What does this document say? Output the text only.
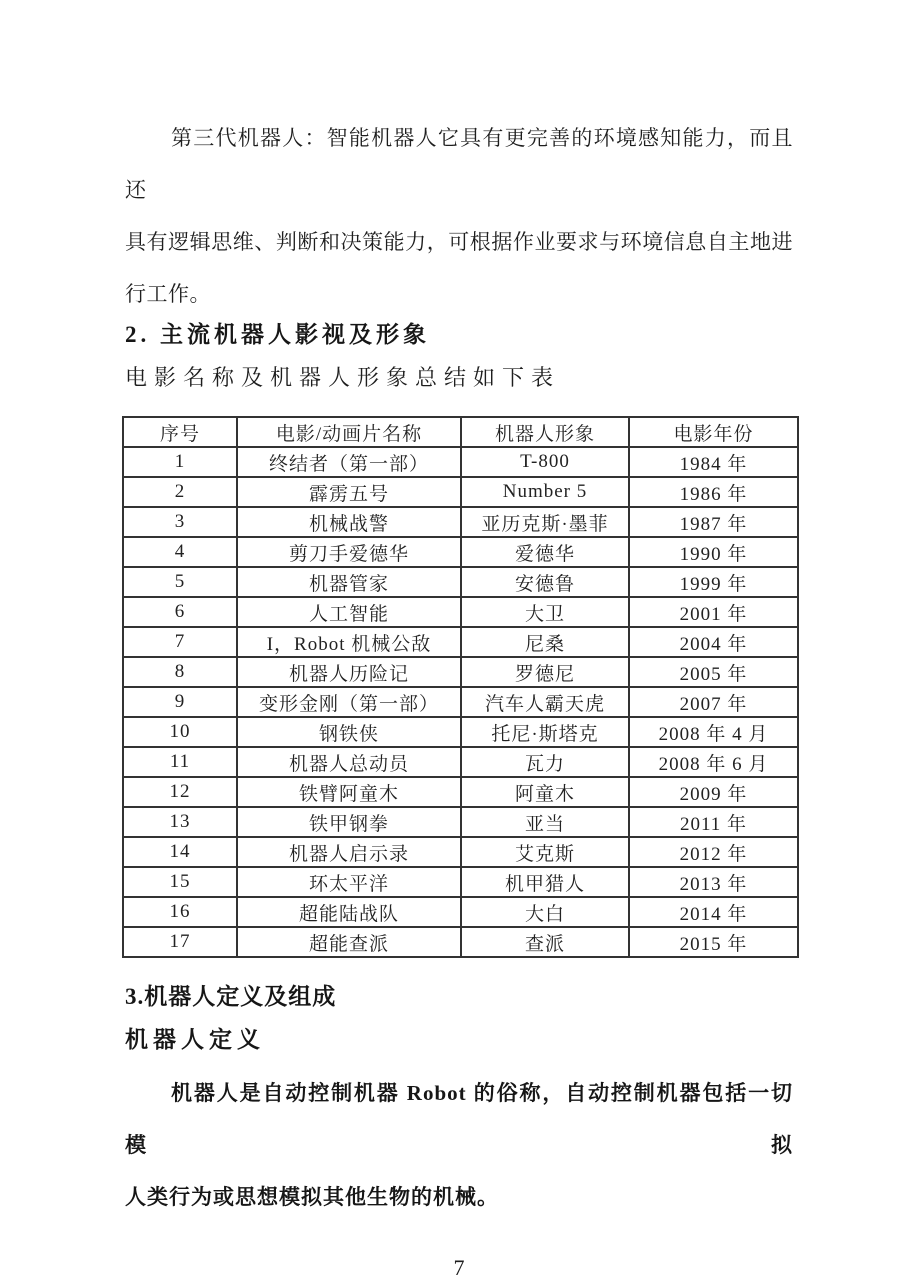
第三代机器人：智能机器人它具有更完善的环境感知能力，而且还
具有逻辑思维、判断和决策能力，可根据作业要求与环境信息自主地进
行工作。
2. 主流机器人影视及形象
电影名称及机器人形象总结如下表
序号	电影/动画片名称	机器人形象	电影年份
1	终结者（第一部）	T-800	1984 年
2	霹雳五号	Number 5	1986 年
3	机械战警	亚历克斯·墨菲	1987 年
4	剪刀手爱德华	爱德华	1990 年
5	机器管家	安德鲁	1999 年
6	人工智能	大卫	2001 年
7	I，Robot 机械公敌	尼桑	2004 年
8	机器人历险记	罗德尼	2005 年
9	变形金刚（第一部）	汽车人霸天虎	2007 年
10	钢铁侠	托尼·斯塔克	2008 年 4 月
11	机器人总动员	瓦力	2008 年 6 月
12	铁臂阿童木	阿童木	2009 年
13	铁甲钢拳	亚当	2011 年
14	机器人启示录	艾克斯	2012 年
15	环太平洋	机甲猎人	2013 年
16	超能陆战队	大白	2014 年
17	超能查派	查派	2015 年
3.机器人定义及组成
机器人定义
机器人是自动控制机器 Robot 的俗称，自动控制机器包括一切模拟
人类行为或思想模拟其他生物的机械。
7
